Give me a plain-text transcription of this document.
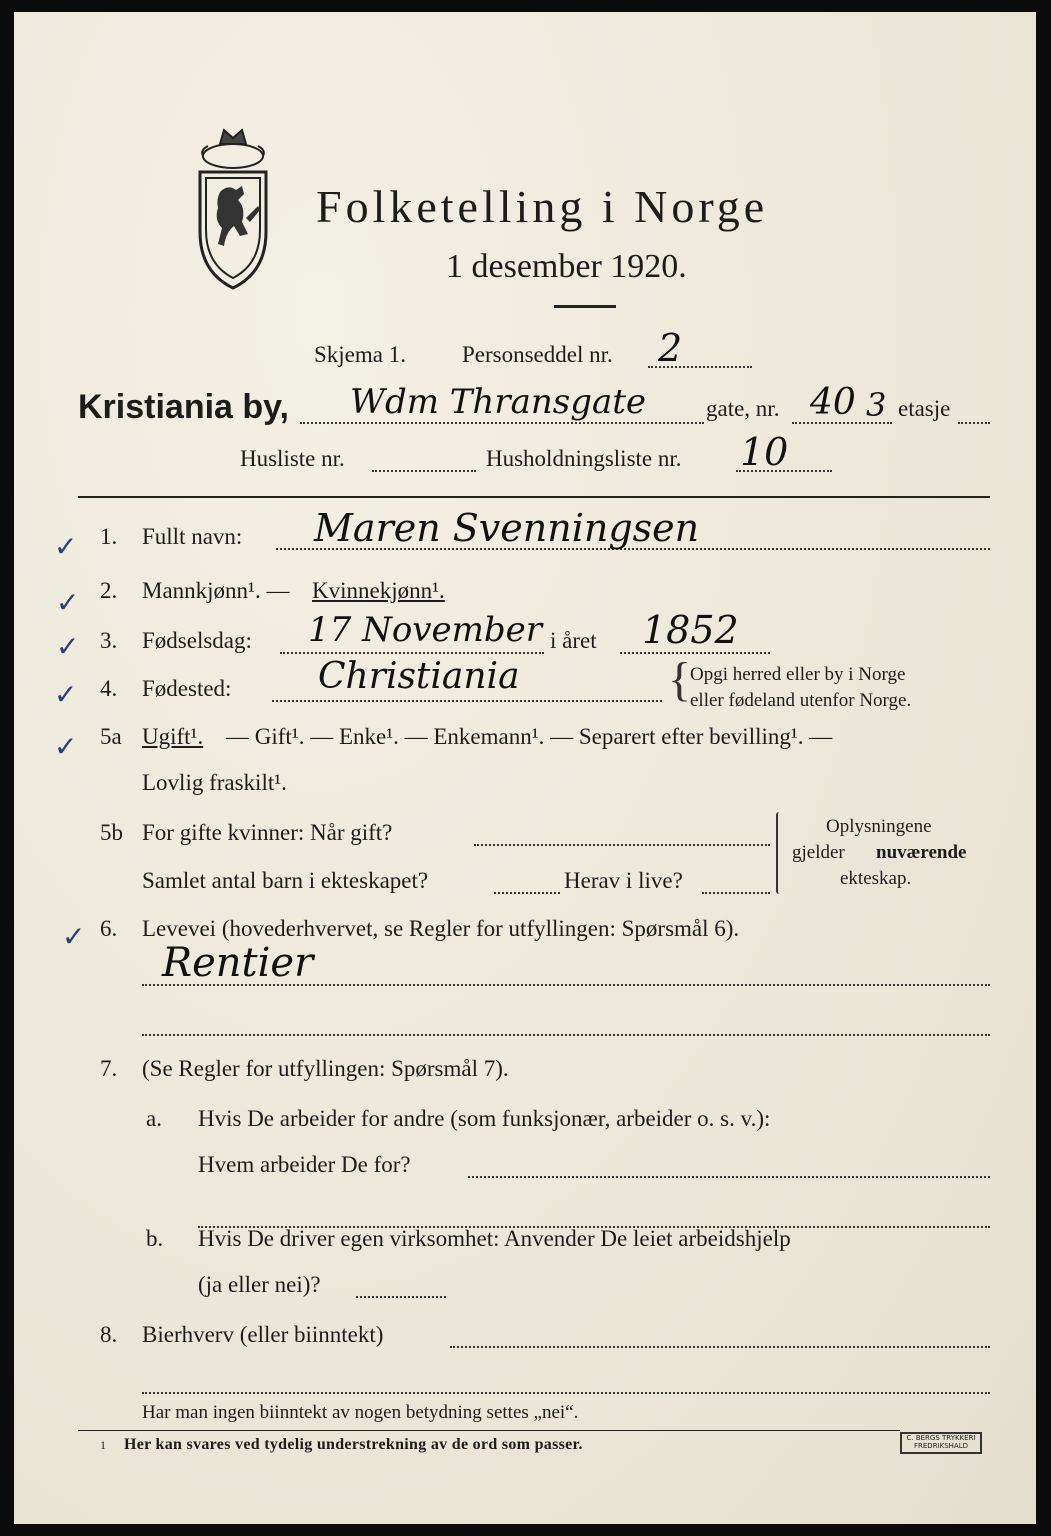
Folketelling i Norge
1 desember 1920.
Skjema 1. Personseddel nr. 2
Kristiania by, Wdm Thransgate	gate, nr. 40 3 etasje
Husliste nr.	Husholdningsliste nr. 10
✓
✓
✓
✓
✓
✓
1. Fullt navn: Maren Svenningsen
2. Mannkjønn¹. — Kvinnekjønn¹.
3. Fødselsdag: 17 November i året 1852
4. Fødested: Christiania	{
Opgi herred eller by i Norge
eller fødeland utenfor Norge.
5a Ugift¹. — Gift¹. — Enke¹. — Enkemann¹. — Separert efter bevilling¹. —
Lovlig fraskilt¹.
5b For gifte kvinner: Når gift?
Samlet antal barn i ekteskapet?	Herav i live?
Oplysningene
gjelder nuværende
ekteskap.
6. Levevei (hovederhvervet, se Regler for utfyllingen: Spørsmål 6).
Rentier
7. (Se Regler for utfyllingen: Spørsmål 7).
a. Hvis De arbeider for andre (som funksjonær, arbeider o. s. v.):
Hvem arbeider De for?
b. Hvis De driver egen virksomhet: Anvender De leiet arbeidshjelp
(ja eller nei)?
8. Bierhverv (eller biinntekt)
Har man ingen biinntekt av nogen betydning settes „nei“.
1 Her kan svares ved tydelig understrekning av de ord som passer.	C. BERGS TRYKKERI FREDRIKSHALD
